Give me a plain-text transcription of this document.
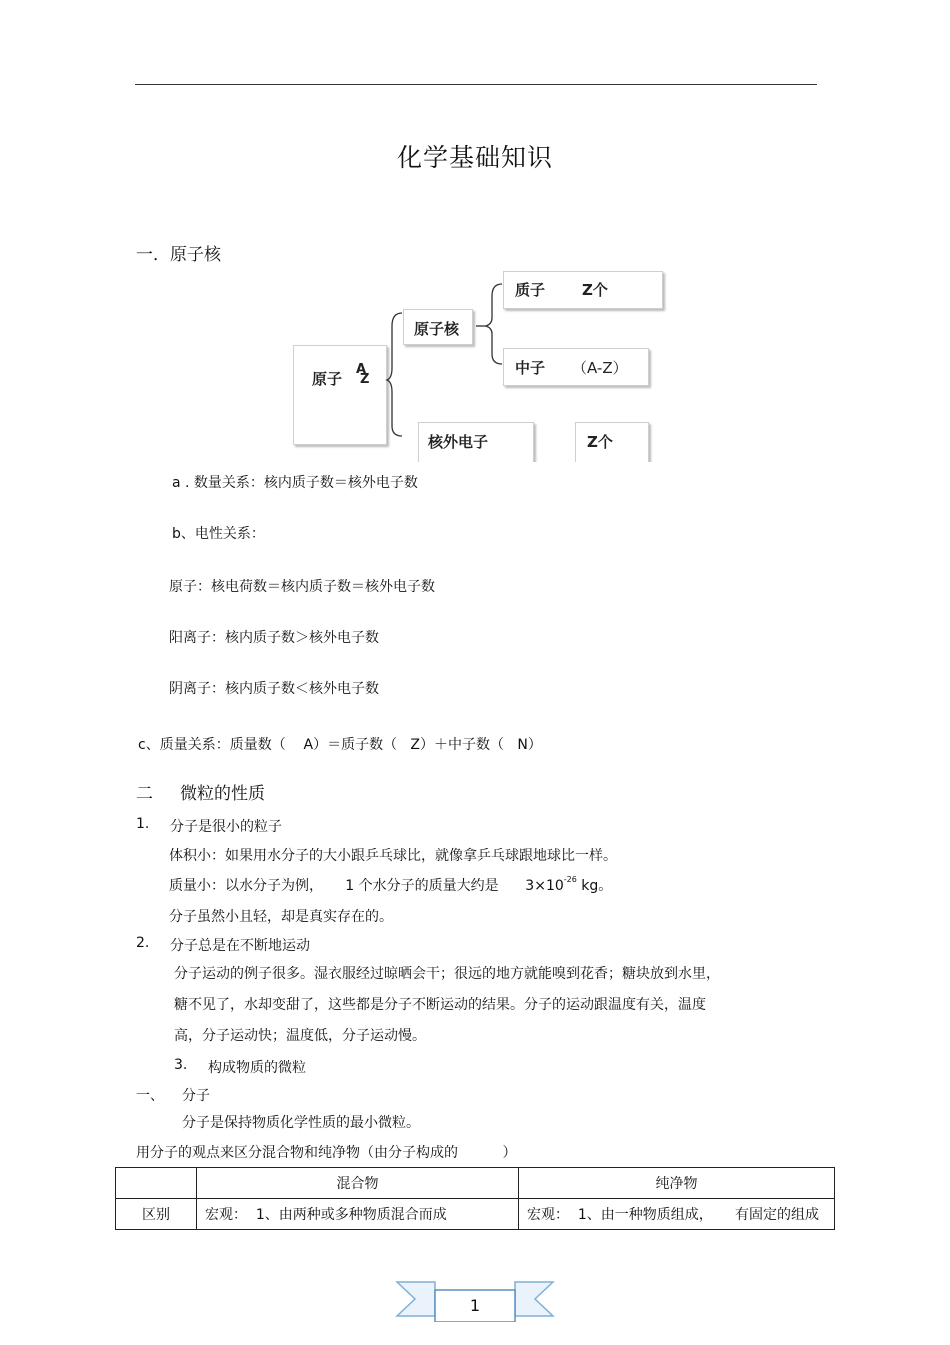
化学基础知识
一．原子核
原子
A
Z
原子核
质子 Z个
中子 （A-Z）
核外电子	Z个
a . 数量关系：核内质子数＝核外电子数
b、电性关系：
原子：核电荷数＝核内质子数＝核外电子数
阳离子：核内质子数＞核外电子数
阴离子：核内质子数＜核外电子数
c、质量关系：质量数（    A）＝质子数（   Z）＋中子数（   N）
二 微粒的性质
1. 分子是很小的粒子
体积小：如果用水分子的大小跟乒乓球比，就像拿乒乓球跟地球比一样。
质量小：以水分子为例，     1 个水分子的质量大约是      $3\times 10^{-26}$ kg。
分子虽然小且轻，却是真实存在的。
2. 分子总是在不断地运动
分子运动的例子很多。湿衣服经过晾晒会干；很远的地方就能嗅到花香；糖块放到水里，
糖不见了，水却变甜了，这些都是分子不断运动的结果。分子的运动跟温度有关，温度
高，分子运动快；温度低，分子运动慢。
3. 构成物质的微粒
一、 分子
分子是保持物质化学性质的最小微粒。
用分子的观点来区分混合物和纯净物（由分子构成的          ）
	混合物	纯净物
区别	宏观：  1、由两种或多种物质混合而成	宏观：  1、由一种物质组成，     有固定的组成
1
